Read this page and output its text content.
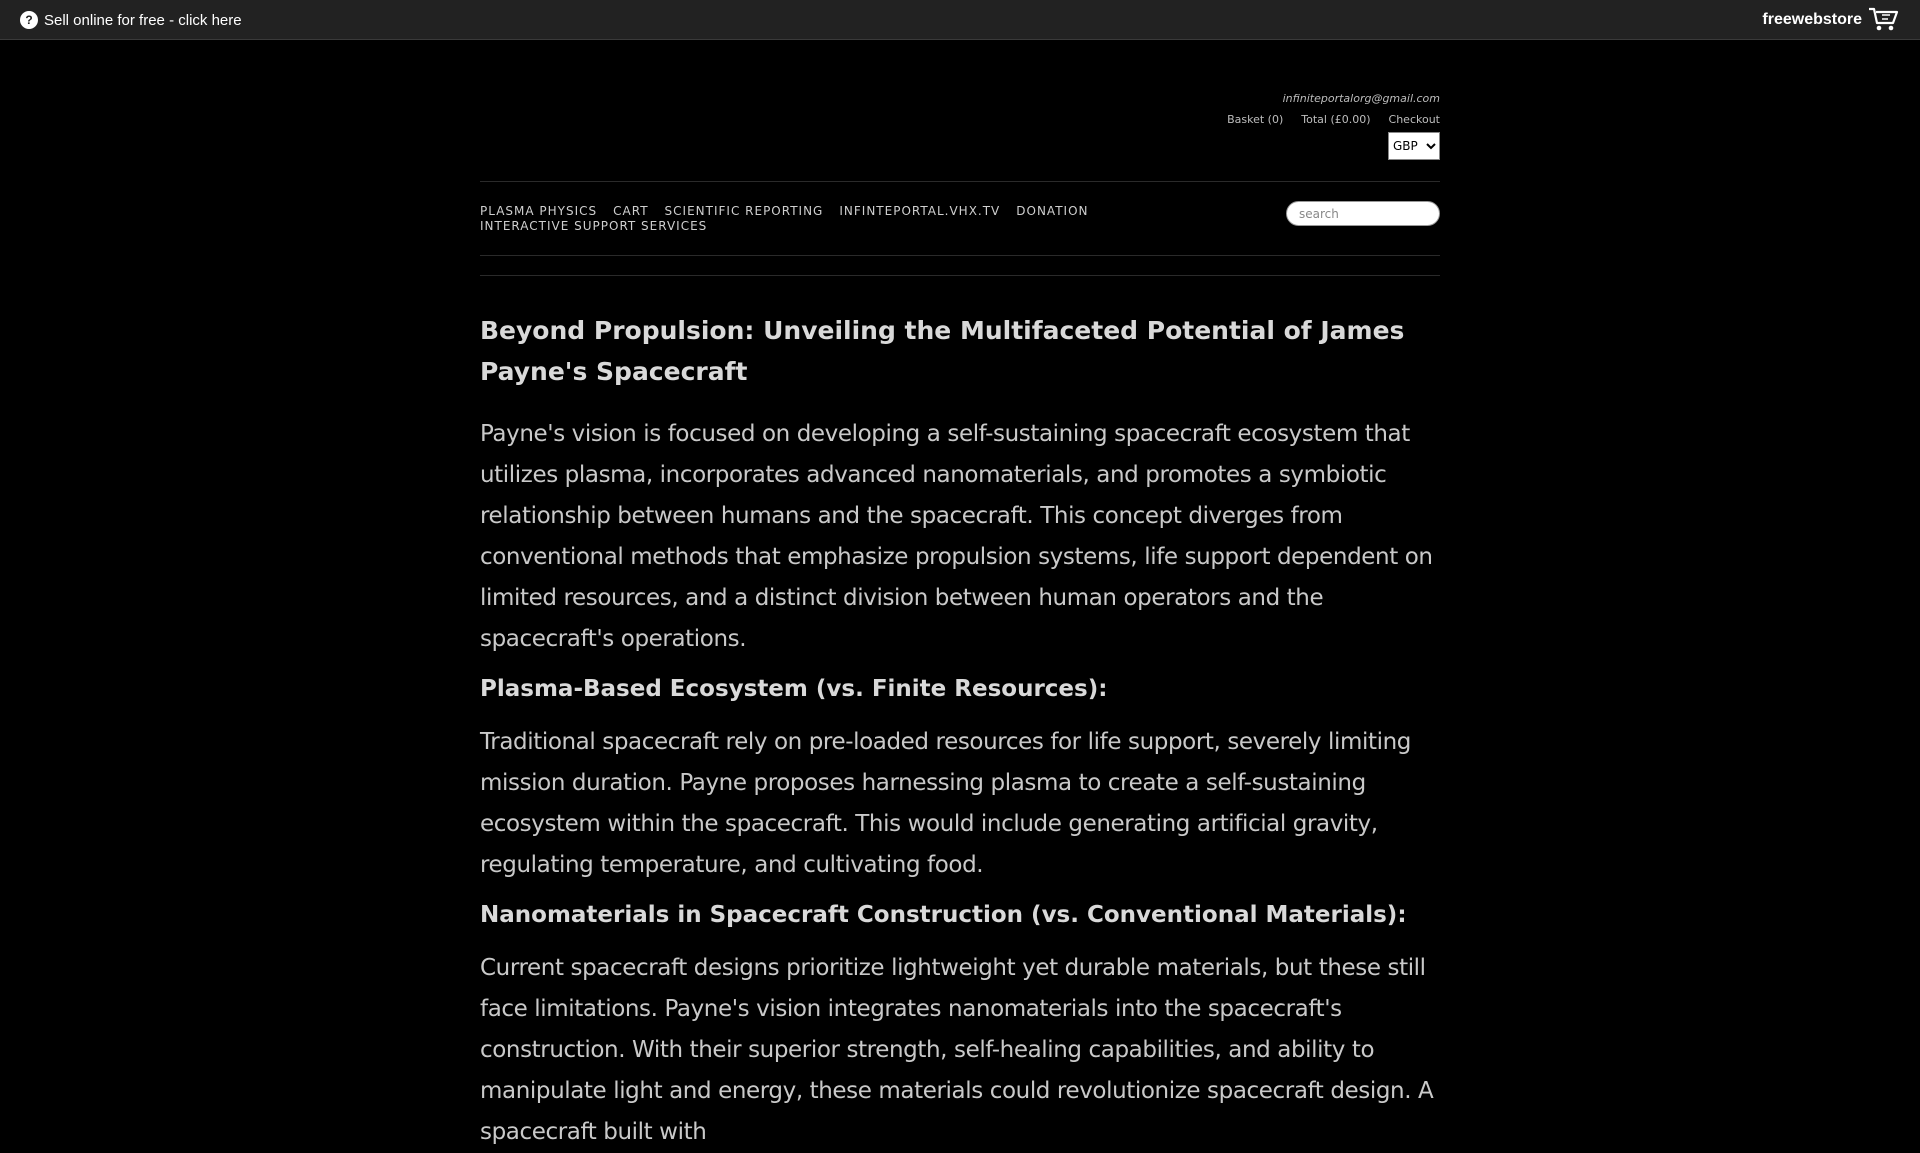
? Sell online for free - click here	freewebstore
infiniteportalorg@gmail.com
Basket (0) Total (£0.00) Checkout
GBP
PLASMA PHYSICS CART SCIENTIFIC REPORTING INFINTEPORTAL.VHX.TV DONATION
INTERACTIVE SUPPORT SERVICES
search
Beyond Propulsion: Unveiling the Multifaceted Potential of James Payne's Spacecraft

Payne's vision is focused on developing a self-sustaining spacecraft ecosystem that utilizes plasma, incorporates advanced nanomaterials, and promotes a symbiotic relationship between humans and the spacecraft. This concept diverges from conventional methods that emphasize propulsion systems, life support dependent on limited resources, and a distinct division between human operators and the spacecraft's operations.

Plasma-Based Ecosystem (vs. Finite Resources):

Traditional spacecraft rely on pre-loaded resources for life support, severely limiting mission duration. Payne proposes harnessing plasma to create a self-sustaining ecosystem within the spacecraft. This would include generating artificial gravity, regulating temperature, and cultivating food.

Nanomaterials in Spacecraft Construction (vs. Conventional Materials):

Current spacecraft designs prioritize lightweight yet durable materials, but these still face limitations. Payne's vision integrates nanomaterials into the spacecraft's construction. With their superior strength, self-healing capabilities, and ability to manipulate light and energy, these materials could revolutionize spacecraft design. A spacecraft built with
